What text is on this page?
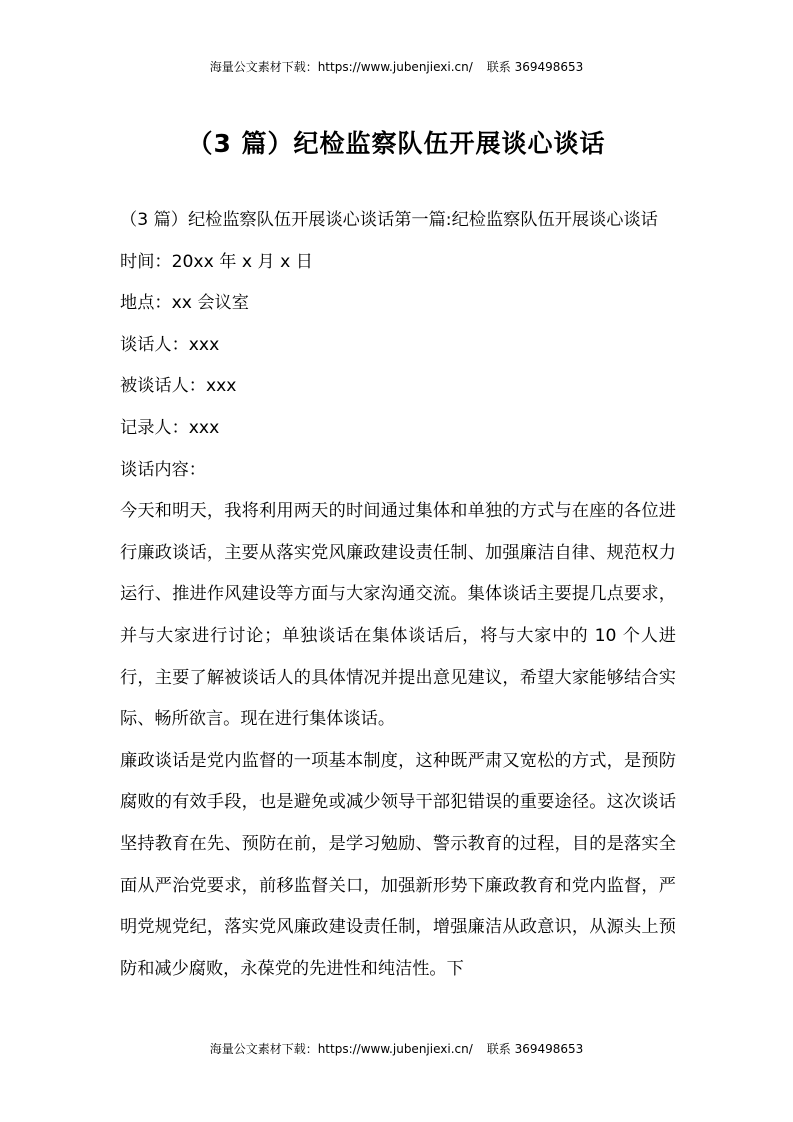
海量公文素材下载：https://www.jubenjiexi.cn/ 联系 369498653
（3 篇）纪检监察队伍开展谈心谈话

（3 篇）纪检监察队伍开展谈心谈话第一篇:纪检监察队伍开展谈心谈话

时间：20xx 年 x 月 x 日

地点：xx 会议室

谈话人：xxx

被谈话人：xxx

记录人：xxx

谈话内容：

今天和明天，我将利用两天的时间通过集体和单独的方式与在座的各位进行廉政谈话，主要从落实党风廉政建设责任制、加强廉洁自律、规范权力运行、推进作风建设等方面与大家沟通交流。集体谈话主要提几点要求，并与大家进行讨论；单独谈话在集体谈话后，将与大家中的 10 个人进行，主要了解被谈话人的具体情况并提出意见建议，希望大家能够结合实际、畅所欲言。现在进行集体谈话。

廉政谈话是党内监督的一项基本制度，这种既严肃又宽松的方式，是预防腐败的有效手段，也是避免或减少领导干部犯错误的重要途径。这次谈话坚持教育在先、预防在前，是学习勉励、警示教育的过程，目的是落实全面从严治党要求，前移监督关口，加强新形势下廉政教育和党内监督，严明党规党纪，落实党风廉政建设责任制，增强廉洁从政意识，从源头上预防和减少腐败，永葆党的先进性和纯洁性。下

海量公文素材下载：https://www.jubenjiexi.cn/ 联系 369498653
